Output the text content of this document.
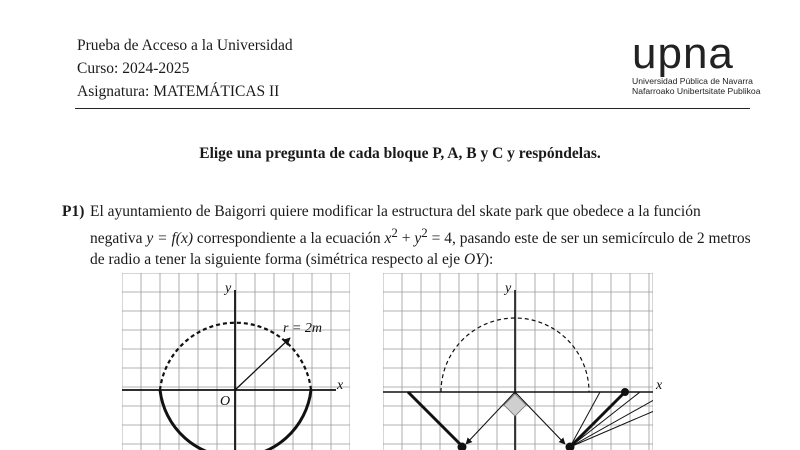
Prueba de Acceso a la Universidad
Curso: 2024-2025
Asignatura: MATEMÁTICAS II
upna
Universidad Pública de Navarra
Nafarroako Unibertsitate Publikoa
Elige una pregunta de cada bloque P, A, B y C y respóndelas.
P1) El ayuntamiento de Baigorri quiere modificar la estructura del skate park que obedece a la función negativa y = f(x) correspondiente a la ecuación $x^2 + y^2 = 4$, pasando este de ser un semicírculo de 2 metros de radio a tener la siguiente forma (simétrica respecto al eje OY):
y
x
O
r = 2m
y
x
